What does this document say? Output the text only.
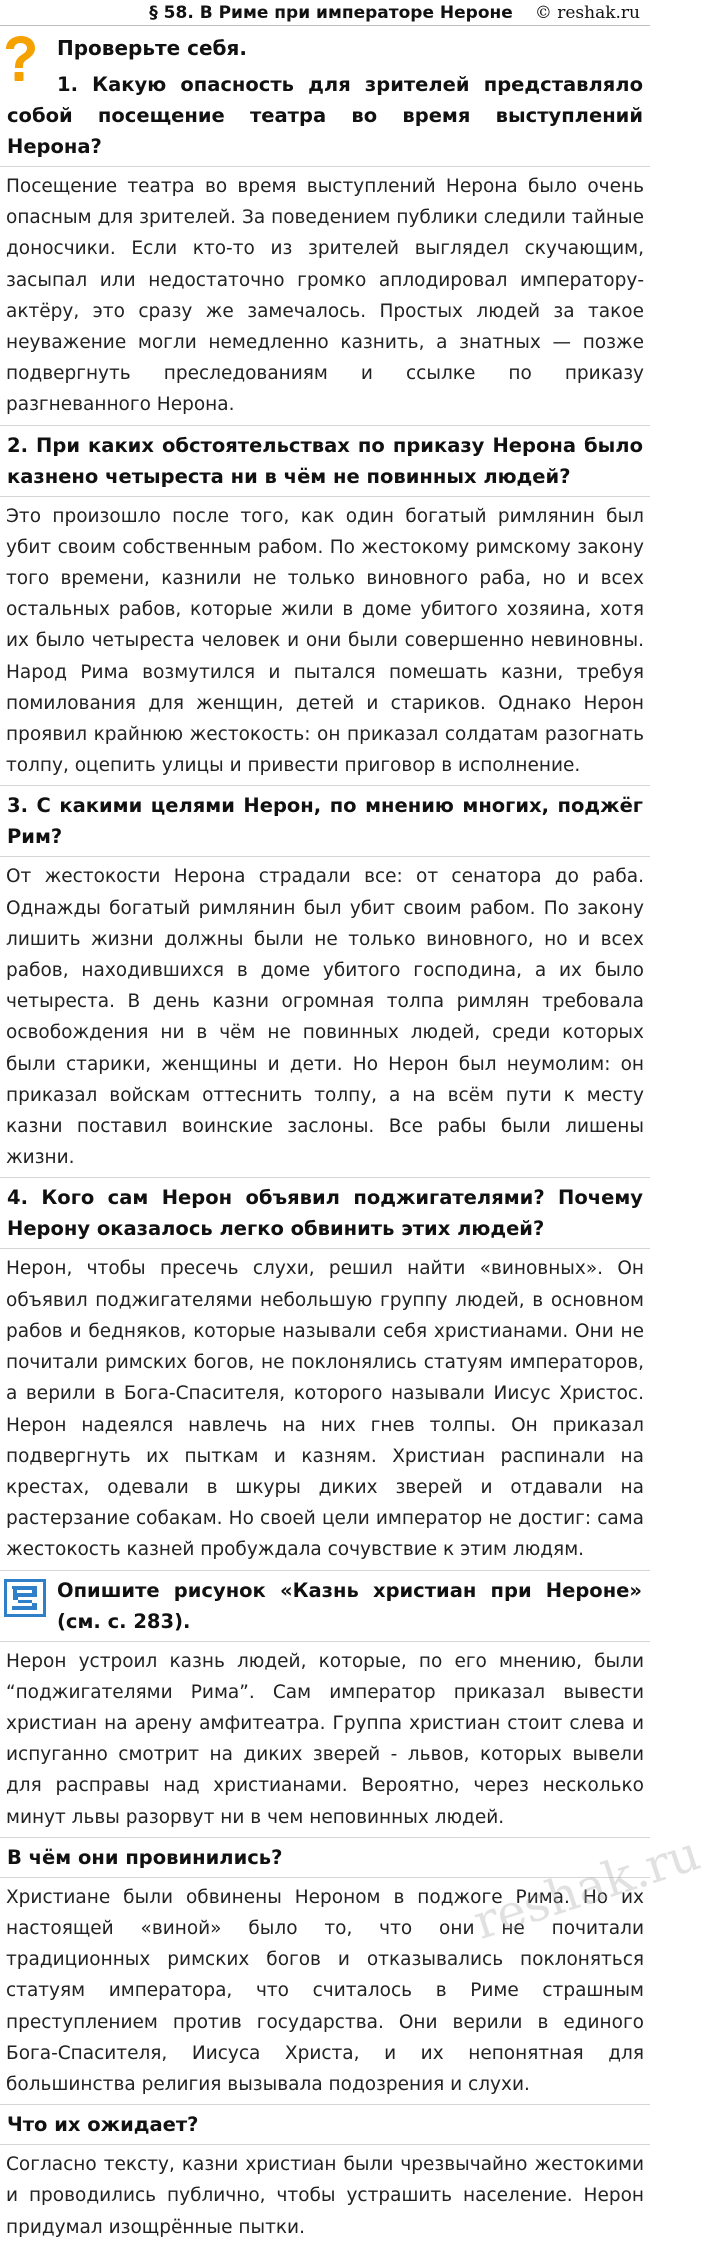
§ 58. В Риме при императоре Нероне © reshak.ru
Проверьте себя.

1. Какую опасность для зрителей представляло собой посещение театра во время выступлений Нерона?

Посещение театра во время выступлений Нерона было очень опасным для зрителей. За поведением публики следили тайные доносчики. Если кто-то из зрителей выглядел скучающим, засыпал или недостаточно громко аплодировал императору-актёру, это сразу же замечалось. Простых людей за такое неуважение могли немедленно казнить, а знатных — позже подвергнуть преследованиям и ссылке по приказу разгневанного Нерона.

2. При каких обстоятельствах по приказу Нерона было казнено четыреста ни в чём не повинных людей?

Это произошло после того, как один богатый римлянин был убит своим собственным рабом. По жестокому римскому закону того времени, казнили не только виновного раба, но и всех остальных рабов, которые жили в доме убитого хозяина, хотя их было четыреста человек и они были совершенно невиновны. Народ Рима возмутился и пытался помешать казни, требуя помилования для женщин, детей и стариков. Однако Нерон проявил крайнюю жестокость: он приказал солдатам разогнать толпу, оцепить улицы и привести приговор в исполнение.

3. С какими целями Нерон, по мнению многих, поджёг Рим?

От жестокости Нерона страдали все: от сенатора до раба. Однажды богатый римлянин был убит своим рабом. По закону лишить жизни должны были не только виновного, но и всех рабов, находившихся в доме убитого господина, а их было четыреста. В день казни огромная толпа римлян требовала освобождения ни в чём не повинных людей, среди которых были старики, женщины и дети. Но Нерон был неумолим: он приказал войскам оттеснить толпу, а на всём пути к месту казни поставил воинские заслоны. Все рабы были лишены жизни.

4. Кого сам Нерон объявил поджигателями? Почему Нерону оказалось легко обвинить этих людей?

Нерон, чтобы пресечь слухи, решил найти «виновных». Он объявил поджигателями небольшую группу людей, в основном рабов и бедняков, которые называли себя христианами. Они не почитали римских богов, не поклонялись статуям императоров, а верили в Бога-Спасителя, которого называли Иисус Христос. Нерон надеялся навлечь на них гнев толпы. Он приказал подвергнуть их пыткам и казням. Христиан распинали на крестах, одевали в шкуры диких зверей и отдавали на растерзание собакам. Но своей цели император не достиг: сама жестокость казней пробуждала сочувствие к этим людям.

Опишите рисунок «Казнь христиан при Нероне» (см. с. 283).

Нерон устроил казнь людей, которые, по его мнению, были “поджигателями Рима”. Сам император приказал вывести христиан на арену амфитеатра. Группа христиан стоит слева и испуганно смотрит на диких зверей - львов, которых вывели для расправы над христианами. Вероятно, через несколько минут львы разорвут ни в чем неповинных людей.

В чём они провинились?

Христиане были обвинены Нероном в поджоге Рима. Но их настоящей «виной» было то, что они не почитали традиционных римских богов и отказывались поклоняться статуям императора, что считалось в Риме страшным преступлением против государства. Они верили в единого Бога-Спасителя, Иисуса Христа, и их непонятная для большинства религия вызывала подозрения и слухи.

Что их ожидает?

Согласно тексту, казни христиан были чрезвычайно жестокими и проводились публично, чтобы устрашить население. Нерон придумал изощрённые пытки.

reshak.ru
